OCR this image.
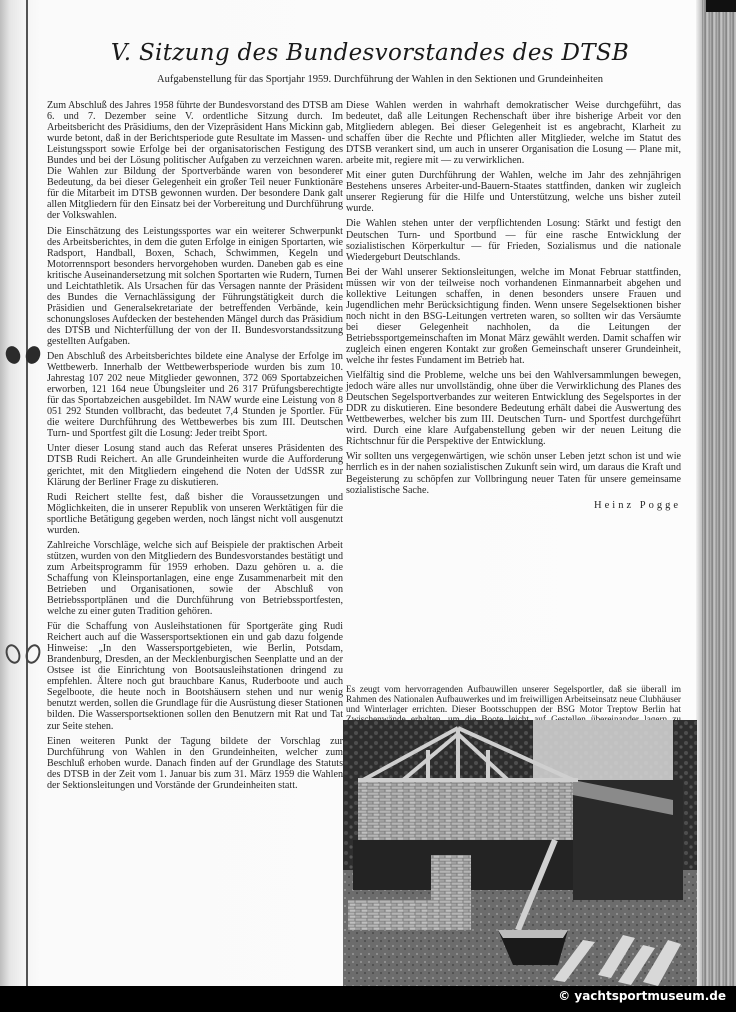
V. Sitzung des Bundesvorstandes des DTSB
Aufgabenstellung für das Sportjahr 1959. Durchführung der Wahlen in den Sektionen und Grundeinheiten

Zum Abschluß des Jahres 1958 führte der Bundesvorstand des DTSB am 6. und 7. Dezember seine V. ordentliche Sitzung durch. Im Arbeitsbericht des Präsidiums, den der Vizepräsident Hans Mickinn gab, wurde betont, daß in der Berichtsperiode gute Resultate im Massen- und Leistungssport sowie Erfolge bei der organisatorischen Festigung des Bundes und bei der Lösung politischer Aufgaben zu verzeichnen waren. Die Wahlen zur Bildung der Sportverbände waren von besonderer Bedeutung, da bei dieser Gelegenheit ein großer Teil neuer Funktionäre für die Mitarbeit im DTSB gewonnen wurden. Der besondere Dank galt allen Mitgliedern für den Einsatz bei der Vorbereitung und Durchführung der Volkswahlen.

Die Einschätzung des Leistungssportes war ein weiterer Schwerpunkt des Arbeitsberichtes, in dem die guten Erfolge in einigen Sportarten, wie Radsport, Handball, Boxen, Schach, Schwimmen, Kegeln und Motorrennsport besonders hervorgehoben wurden. Daneben gab es eine kritische Auseinandersetzung mit solchen Sportarten wie Rudern, Turnen und Leichtathletik. Als Ursachen für das Versagen nannte der Präsident des Bundes die Vernachlässigung der Führungstätigkeit durch die Präsidien und Generalsekretariate der betreffenden Verbände, kein schonungsloses Aufdecken der bestehenden Mängel durch das Präsidium des DTSB und Nichterfüllung der von der II. Bundesvorstandssitzung gestellten Aufgaben.

Den Abschluß des Arbeitsberichtes bildete eine Analyse der Erfolge im Wettbewerb. Innerhalb der Wettbewerbsperiode wurden bis zum 10. Jahrestag 107 202 neue Mitglieder gewonnen, 372 069 Sportabzeichen erworben, 121 164 neue Übungsleiter und 26 317 Prüfungsberechtigte für das Sportabzeichen ausgebildet. Im NAW wurde eine Leistung von 8 051 292 Stunden vollbracht, das bedeutet 7,4 Stunden je Sportler. Für die weitere Durchführung des Wettbewerbes bis zum III. Deutschen Turn- und Sportfest gilt die Losung: Jeder treibt Sport.

Unter dieser Losung stand auch das Referat unseres Präsidenten des DTSB Rudi Reichert. An alle Grundeinheiten wurde die Aufforderung gerichtet, mit den Mitgliedern eingehend die Noten der UdSSR zur Klärung der Berliner Frage zu diskutieren.

Rudi Reichert stellte fest, daß bisher die Voraussetzungen und Möglichkeiten, die in unserer Republik von unseren Werktätigen für die sportliche Betätigung gegeben werden, noch längst nicht voll ausgenutzt wurden.

Zahlreiche Vorschläge, welche sich auf Beispiele der praktischen Arbeit stützen, wurden von den Mitgliedern des Bundesvorstandes bestätigt und zum Arbeitsprogramm für 1959 erhoben. Dazu gehören u. a. die Schaffung von Kleinsportanlagen, eine enge Zusammenarbeit mit den Betrieben und Organisationen, sowie der Abschluß von Betriebssportplänen und die Durchführung von Betriebssportfesten, welche zu einer guten Tradition gehören.

Für die Schaffung von Ausleihstationen für Sportgeräte ging Rudi Reichert auch auf die Wassersportsektionen ein und gab dazu folgende Hinweise: „In den Wassersportgebieten, wie Berlin, Potsdam, Brandenburg, Dresden, an der Mecklenburgischen Seenplatte und an der Ostsee ist die Einrichtung von Bootsausleihstationen dringend zu empfehlen. Ältere noch gut brauchbare Kanus, Ruderboote und auch Segelboote, die heute noch in Bootshäusern stehen und nur wenig benutzt werden, sollen die Grundlage für die Ausrüstung dieser Stationen bilden. Die Wassersportsektionen sollen den Benutzern mit Rat und Tat zur Seite stehen.

Einen weiteren Punkt der Tagung bildete der Vorschlag zur Durchführung von Wahlen in den Grundeinheiten, welcher zum Beschluß erhoben wurde. Danach finden auf der Grundlage des Statuts des DTSB in der Zeit vom 1. Januar bis zum 31. März 1959 die Wahlen der Sektionsleitungen und Vorstände der Grundeinheiten statt.

Diese Wahlen werden in wahrhaft demokratischer Weise durchgeführt, das bedeutet, daß alle Leitungen Rechenschaft über ihre bisherige Arbeit vor den Mitgliedern ablegen. Bei dieser Gelegenheit ist es angebracht, Klarheit zu schaffen über die Rechte und Pflichten aller Mitglieder, welche im Statut des DTSB verankert sind, um auch in unserer Organisation die Losung — Plane mit, arbeite mit, regiere mit — zu verwirklichen.

Mit einer guten Durchführung der Wahlen, welche im Jahr des zehnjährigen Bestehens unseres Arbeiter-und-Bauern-Staates stattfinden, danken wir zugleich unserer Regierung für die Hilfe und Unterstützung, welche uns bisher zuteil wurde.

Die Wahlen stehen unter der verpflichtenden Losung: Stärkt und festigt den Deutschen Turn- und Sportbund — für eine rasche Entwicklung der sozialistischen Körperkultur — für Frieden, Sozialismus und die nationale Wiedergeburt Deutschlands.

Bei der Wahl unserer Sektionsleitungen, welche im Monat Februar stattfinden, müssen wir von der teilweise noch vorhandenen Einmannarbeit abgehen und kollektive Leitungen schaffen, in denen besonders unsere Frauen und Jugendlichen mehr Berücksichtigung finden. Wenn unsere Segelsektionen bisher noch nicht in den BSG-Leitungen vertreten waren, so sollten wir das Versäumte bei dieser Gelegenheit nachholen, da die Leitungen der Betriebssportgemeinschaften im Monat März gewählt werden. Damit schaffen wir zugleich einen engeren Kontakt zur großen Gemeinschaft unserer Grundeinheit, welche ihr festes Fundament im Betrieb hat.

Vielfältig sind die Probleme, welche uns bei den Wahlversammlungen bewegen, jedoch wäre alles nur unvollständig, ohne über die Verwirklichung des Planes des Deutschen Segelsportverbandes zur weiteren Entwicklung des Segelsportes in der DDR zu diskutieren. Eine besondere Bedeutung erhält dabei die Auswertung des Wettbewerbes, welcher bis zum III. Deutschen Turn- und Sportfest durchgeführt wird. Durch eine klare Aufgabenstellung geben wir der neuen Leitung die Richtschnur für die Perspektive der Entwicklung.

Wir sollten uns vergegenwärtigen, wie schön unser Leben jetzt schon ist und wie herrlich es in der nahen sozialistischen Zukunft sein wird, um daraus die Kraft und Begeisterung zu schöpfen zur Vollbringung neuer Taten für unsere gemeinsame sozialistische Sache.

Heinz Pogge
Es zeugt vom hervorragenden Aufbauwillen unserer Segelsportler, daß sie überall im Rahmen des Nationalen Aufbauwerkes und im freiwilligen Arbeitseinsatz neue Clubhäuser und Winterlager errichten. Dieser Bootsschuppen der BSG Motor Treptow Berlin hat
© yachtsportmuseum.de
